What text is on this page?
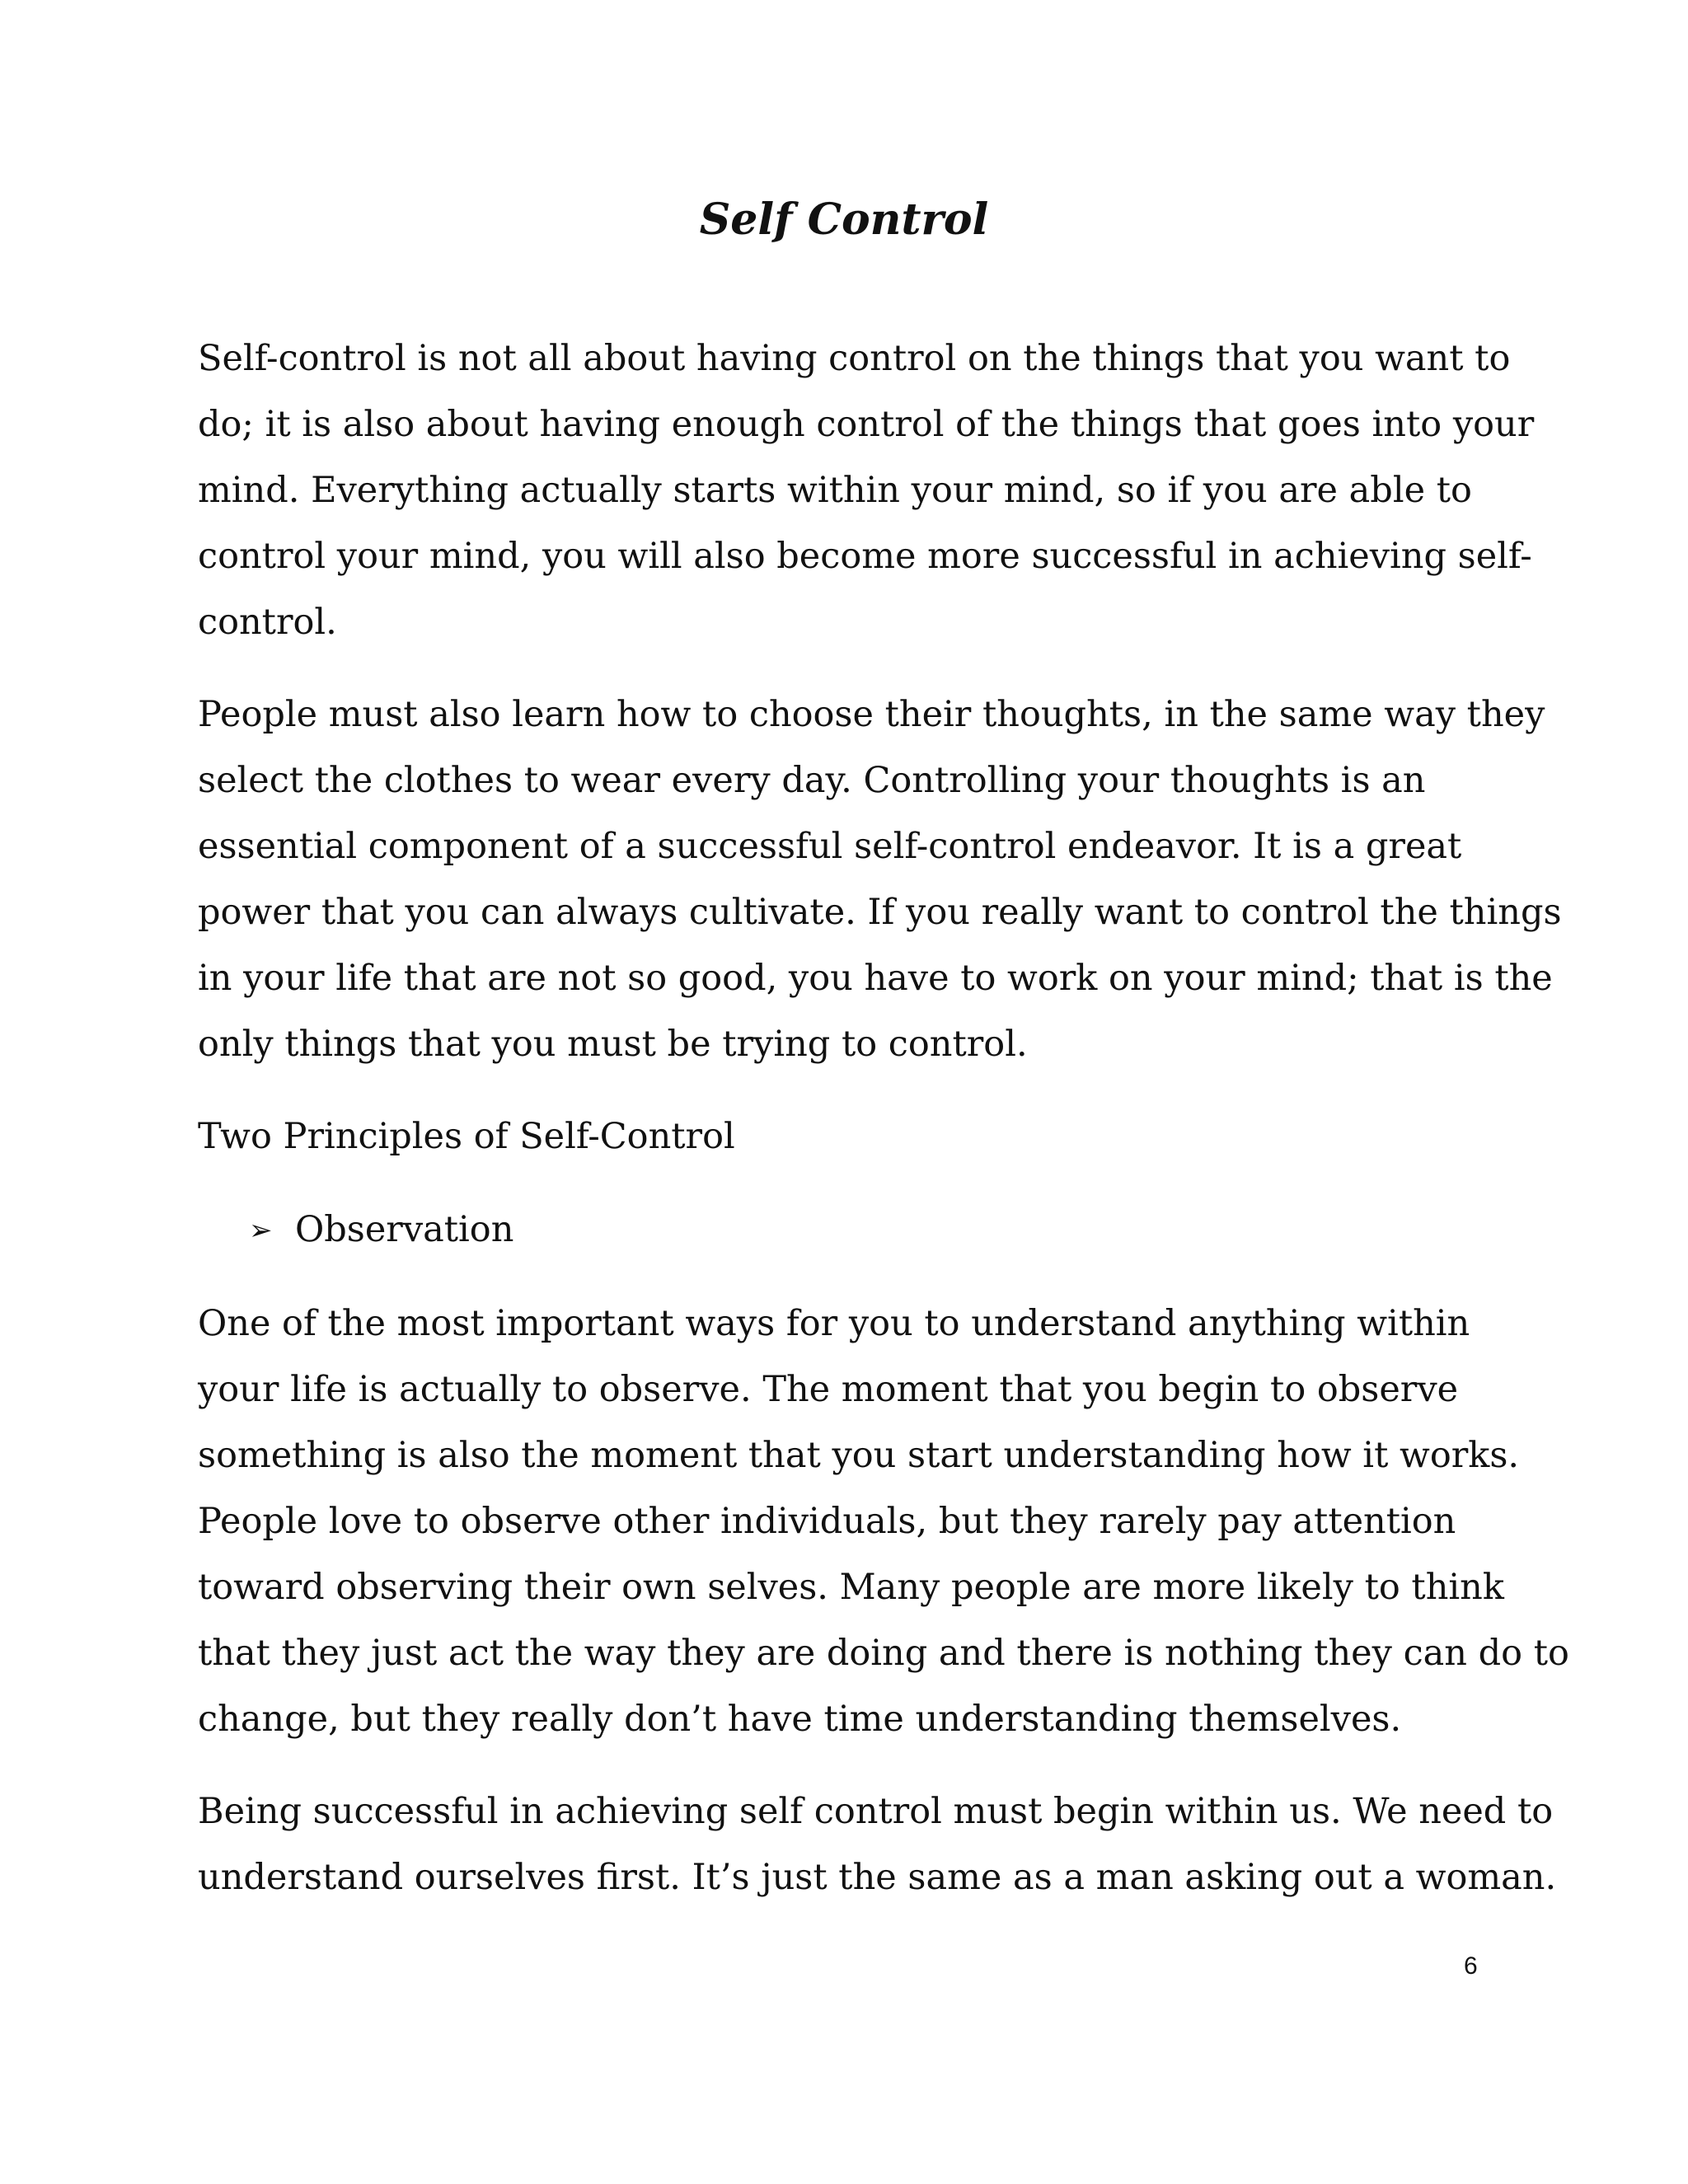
Self Control

Self-control is not all about having control on the things that you want to
do; it is also about having enough control of the things that goes into your
mind. Everything actually starts within your mind, so if you are able to
control your mind, you will also become more successful in achieving self-
control.

People must also learn how to choose their thoughts, in the same way they
select the clothes to wear every day. Controlling your thoughts is an
essential component of a successful self-control endeavor. It is a great
power that you can always cultivate. If you really want to control the things
in your life that are not so good, you have to work on your mind; that is the
only things that you must be trying to control.

Two Principles of Self-Control

➢ Observation

One of the most important ways for you to understand anything within
your life is actually to observe. The moment that you begin to observe
something is also the moment that you start understanding how it works.
People love to observe other individuals, but they rarely pay attention
toward observing their own selves. Many people are more likely to think
that they just act the way they are doing and there is nothing they can do to
change, but they really don’t have time understanding themselves.

Being successful in achieving self control must begin within us. We need to
understand ourselves first. It’s just the same as a man asking out a woman.

6
